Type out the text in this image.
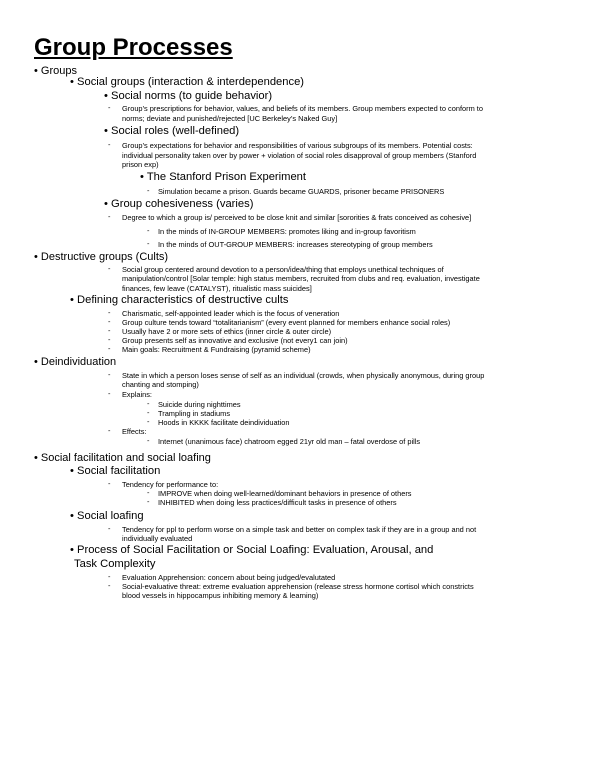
Group Processes
• Groups
• Social groups (interaction & interdependence)
• Social norms (to guide behavior)
- Group’s prescriptions for behavior, values, and beliefs of its members. Group members expected to conform to
norms; deviate and punished/rejected [UC Berkeley’s Naked Guy]
• Social roles (well-defined)
- Group’s expectations for behavior and responsibilities of various subgroups of its members. Potential costs:
individual personality taken over by power + violation of social roles disapproval of group members (Stanford
prison exp)
• The Stanford Prison Experiment
- Simulation became a prison. Guards became GUARDS, prisoner became PRISONERS
• Group cohesiveness (varies)
- Degree to which a group is/ perceived to be close knit and similar [sororities & frats conceived as cohesive]
- In the minds of IN-GROUP MEMBERS: promotes liking and in-group favoritism
- In the minds of OUT-GROUP MEMBERS: increases stereotyping of group members
• Destructive groups (Cults)
- Social group centered around devotion to a person/idea/thing that employs unethical techniques of
manipulation/control [Solar temple: high status members, recruited from clubs and req. evaluation, investigate
finances, few leave (CATALYST), ritualistic mass suicides]
• Defining characteristics of destructive cults
- Charismatic, self-appointed leader which is the focus of veneration
- Group culture tends toward “totalitarianism” (every event planned for members enhance social roles)
- Usually have 2 or more sets of ethics (inner circle & outer circle)
- Group presents self as innovative and exclusive (not every1 can join)
- Main goals: Recruitment & Fundraising (pyramid scheme)
• Deindividuation
- State in which a person loses sense of self as an individual (crowds, when physically anonymous, during group
chanting and stomping)
- Explains:
- Suicide during nighttimes
- Trampling in stadiums
- Hoods in KKKK facilitate deindividuation
- Effects:
- Internet (unanimous face) chatroom egged 21yr old man – fatal overdose of pills
• Social facilitation and social loafing
• Social facilitation
- Tendency for performance to:
- IMPROVE when doing well-learned/dominant behaviors in presence of others
- INHIBITED when doing less practices/difficult tasks in presence of others
• Social loafing
- Tendency for ppl to perform worse on a simple task and better on complex task if they are in a group and not
individually evaluated
• Process of Social Facilitation or Social Loafing: Evaluation, Arousal, and
Task Complexity
- Evaluation Apprehension: concern about being judged/evalutated
- Social-evaluative threat: extreme evaluation apprehension (release stress hormone cortisol which constricts
blood vessels in hippocampus inhibiting memory & learning)
